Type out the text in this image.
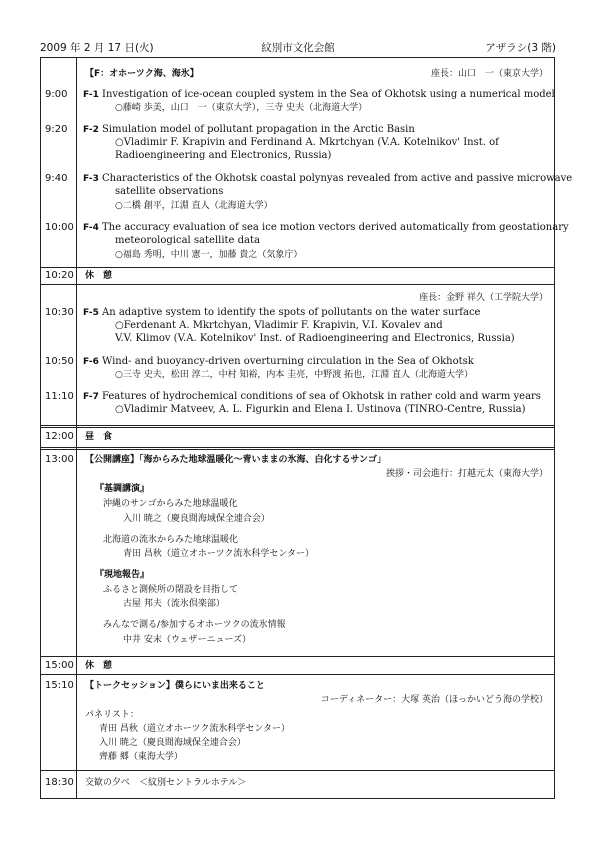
2009 年 2 月 17 日(火)	紋別市文化会館	アザラシ(3 階)
【F：オホーツク海、海氷】	座長：山口　一（東京大学）
9:00 F-1 Investigation of ice-ocean coupled system in the Sea of Okhotsk using a numerical model
○藤崎 歩美，山口　一（東京大学），三寺 史夫（北海道大学）
9:20 F-2 Simulation model of pollutant propagation in the Arctic Basin
○Vladimir F. Krapivin and Ferdinand A. Mkrtchyan (V.A. Kotelnikov' Inst. of
Radioengineering and Electronics, Russia)
9:40 F-3 Characteristics of the Okhotsk coastal polynyas revealed from active and passive microwave
satellite observations
○二橋 創平，江淵 直人（北海道大学）
10:00 F-4 The accuracy evaluation of sea ice motion vectors derived automatically from geostationary
meteorological satellite data
○福島 秀明，中川 憲一，加藤 貴之（気象庁）
10:20 休　憩
座長：金野 祥久（工学院大学）
10:30 F-5 An adaptive system to identify the spots of pollutants on the water surface
○Ferdenant A. Mkrtchyan, Vladimir F. Krapivin, V.I. Kovalev and
V.V. Klimov (V.A. Kotelnikov' Inst. of Radioengineering and Electronics, Russia)
10:50 F-6 Wind- and buoyancy-driven overturning circulation in the Sea of Okhotsk
○三寺 史夫，松田 淳二，中村 知裕，内本 圭亮，中野渡 拓也，江淵 直人（北海道大学）
11:10 F-7 Features of hydrochemical conditions of sea of Okhotsk in rather cold and warm years
○Vladimir Matveev, A. L. Figurkin and Elena I. Ustinova (TINRO-Centre, Russia)
12:00 昼　食
13:00 【公開講座】「海からみた地球温暖化～青いままの氷海、白化するサンゴ」
挨拶・司会進行：打越元太（東海大学）
『基調講演』
沖縄のサンゴからみた地球温暖化
入川 暁之（慶良間海域保全連合会）
北海道の流氷からみた地球温暖化
青田 昌秋（道立オホーツク流氷科学センター）
『現地報告』
ふるさと測候所の閉設を目指して
古屋 邦夫（流氷倶楽部）
みんなで測る/参加するオホーツクの流氷情報
中井 安末（ウェザーニューズ）
15:00 休　憩
15:10 【トークセッション】僕らにいま出来ること
コーディネーター：大塚 英治（ほっかいどう海の学校）
パネリスト：
青田 昌秋（道立オホーツク流氷科学センター）
入川 暁之（慶良間海域保全連合会）
齊藤 郷（東海大学）
18:30 交歓の夕べ　＜紋別セントラルホテル＞
